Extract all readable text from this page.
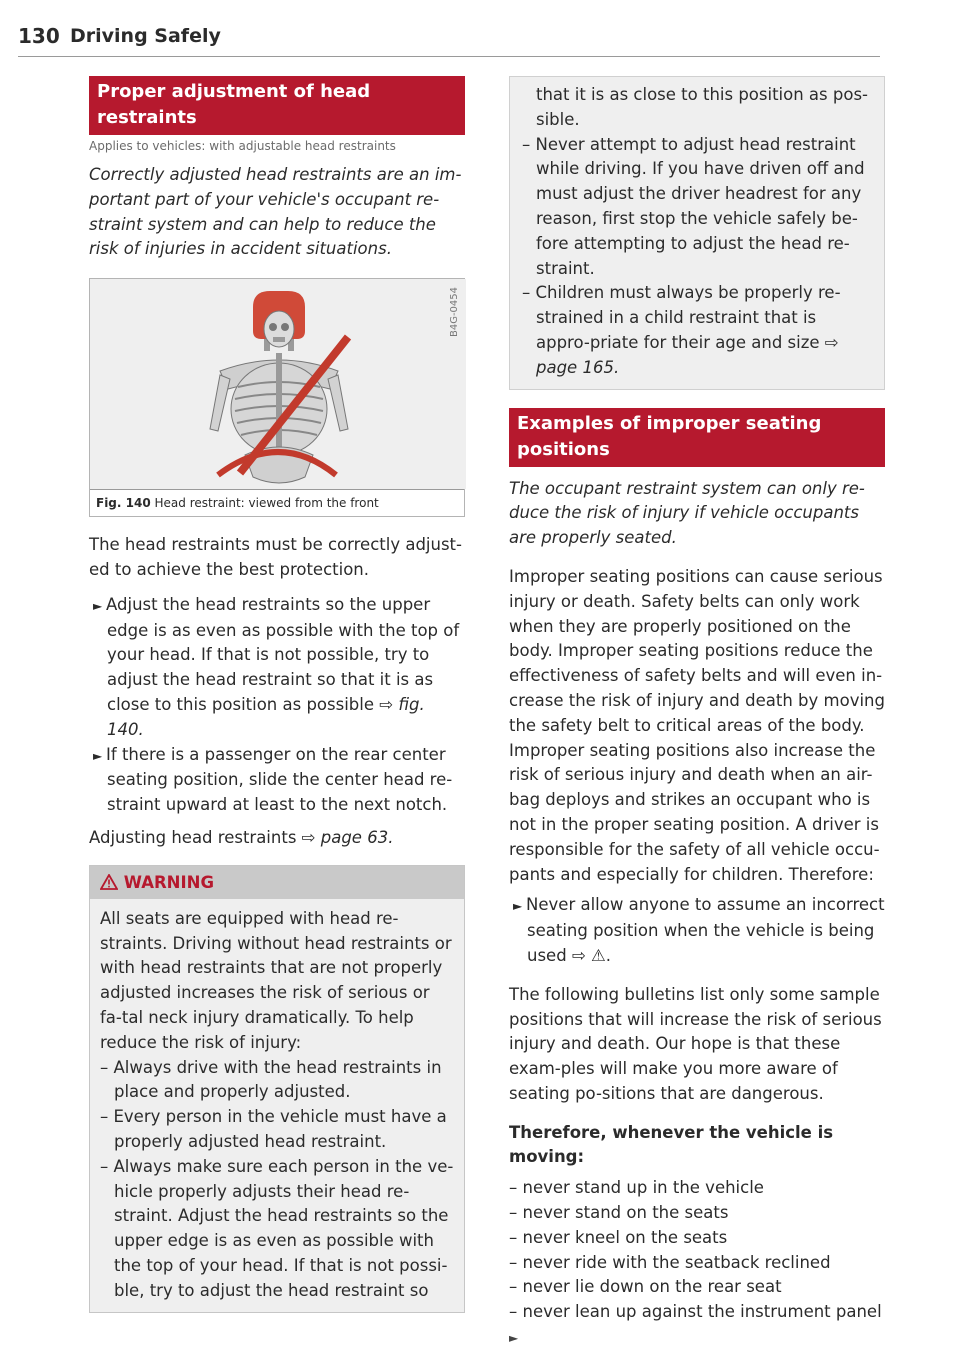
130 Driving Safely
Proper adjustment of head restraints
Applies to vehicles: with adjustable head restraints

Correctly adjusted head restraints are an im-portant part of your vehicle's occupant re-straint system and can help to reduce the risk of injuries in accident situations.

B4G-0454
Fig. 140 Head restraint: viewed from the front

The head restraints must be correctly adjust-ed to achieve the best protection.

► Adjust the head restraints so the upper edge is as even as possible with the top of your head. If that is not possible, try to adjust the head restraint so that it is as close to this position as possible ⇨ fig. 140.

► If there is a passenger on the rear center seating position, slide the center head re-straint upward at least to the next notch.

Adjusting head restraints ⇨ page 63.

WARNING

All seats are equipped with head re-straints. Driving without head restraints or with head restraints that are not properly adjusted increases the risk of serious or fa-tal neck injury dramatically. To help reduce the risk of injury:

– Always drive with the head restraints in place and properly adjusted.

– Every person in the vehicle must have a properly adjusted head restraint.

– Always make sure each person in the ve-hicle properly adjusts their head re-straint. Adjust the head restraints so the upper edge is as even as possible with the top of your head. If that is not possi-ble, try to adjust the head restraint so

that it is as close to this position as pos-sible.

– Never attempt to adjust head restraint while driving. If you have driven off and must adjust the driver headrest for any reason, first stop the vehicle safely be-fore attempting to adjust the head re-straint.

– Children must always be properly re-strained in a child restraint that is appro-priate for their age and size ⇨ page 165.

Examples of improper seating positions

The occupant restraint system can only re-duce the risk of injury if vehicle occupants are properly seated.

Improper seating positions can cause serious injury or death. Safety belts can only work when they are properly positioned on the body. Improper seating positions reduce the effectiveness of safety belts and will even in-crease the risk of injury and death by moving the safety belt to critical areas of the body. Improper seating positions also increase the risk of serious injury and death when an air-bag deploys and strikes an occupant who is not in the proper seating position. A driver is responsible for the safety of all vehicle occu-pants and especially for children. Therefore:

► Never allow anyone to assume an incorrect seating position when the vehicle is being used ⇨ ⚠.

The following bulletins list only some sample positions that will increase the risk of serious injury and death. Our hope is that these exam-ples will make you more aware of seating po-sitions that are dangerous.

Therefore, whenever the vehicle is moving:

– never stand up in the vehicle

– never stand on the seats

– never kneel on the seats

– never ride with the seatback reclined

– never lie down on the rear seat

– never lean up against the instrument panel ►
